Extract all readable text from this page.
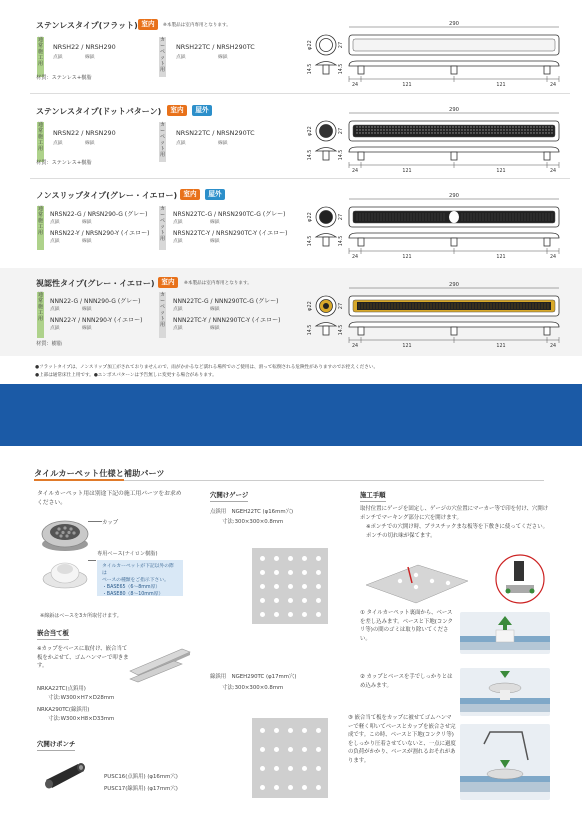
ステンレスタイプ(フラット) 室内	※本製品は室内専用となります。
通常施工用
NRSH22 / NRSH290
点鋲	線鋲
カーペット用
NRSH22TC / NRSH290TC
点鋲	線鋲
材質：ステンレス+樹脂
φ22	27
290
14.5	14.5
24	121	121	24
ステンレスタイプ(ドットパターン)	室内	屋外
通常施工用
NRSN22 / NRSN290
点鋲	線鋲
カーペット用
NRSN22TC / NRSN290TC
点鋲	線鋲
材質：ステンレス+樹脂
φ22	27
290
14.5	14.5
24	121	121	24
ノンスリップタイプ(グレー・イエロー) 室内	屋外
通常施工用
NRSN22-G / NRSN290-G (グレー)
点鋲	線鋲
NRSN22-Y / NRSN290-Y (イエロー)
点鋲	線鋲
カーペット用
NRSN22TC-G / NRSN290TC-G (グレー)
点鋲	線鋲
NRSN22TC-Y / NRSN290TC-Y (イエロー)
点鋲	線鋲
φ22	27
290
14.5	14.5
24	121	121	24
視認性タイプ(グレー・イエロー)	室内	※本製品は室内専用となります。
通常施工用
NNN22-G / NNN290-G (グレー)
点鋲	線鋲
NNN22-Y / NNN290-Y (イエロー)
点鋲	線鋲
カーペット用
NNN22TC-G / NNN290TC-G (グレー)
点鋲	線鋲
NNN22TC-Y / NNN290TC-Y (イエロー)
点鋲	線鋲
材質：樹脂
φ22	27
290
14.5	14.5
24	121	121	24
●フラットタイプは、ノンスリップ加工がされておりませんので、雨がかかるなど濡れる場所でのご使用は、滑って転倒される危険性がありますのでお控えください。
●上部は通常床仕上用です。●エンボスパターンは予告無しに変更する場合があります。
タイルカーペット仕様と補助パーツ
タイルカーペット用は別途下記の施工用パーツをお求めください。
カップ
専用ベース(ナイロン樹脂)
タイルカーペットが下記以外の際は
ベースの種類をご指示下さい。
・BASE65（6～8mm厚）
・BASE80（8～10mm厚）
※線鋲はベースを3カ所取付けます。
嵌合当て板
※カップをベースに取付け、嵌合当て板をかぶせて、ゴムハンマーで叩きます。
NRKA22TC(点鋲用)
寸法:W300×H7×D28mm
NRKA290TC(線鋲用)
寸法:W300×H8×D33mm
穴開けポンチ
PUSC16(点鋲用) (φ16mm穴)
PUSC17(線鋲用) (φ17mm穴)
穴開けゲージ
点鋲用　NGEH22TC (φ16mm穴)
寸法:300×300×0.8mm
線鋲用　NGEH290TC (φ17mm穴)
寸法:300×300×0.8mm
施工手順
取付位置にゲージを固定し、ゲージの穴位置にマーカー等で印を付け、穴開けポンチでマーキング部分に穴を開けます。
※ポンチでの穴開け時、プラスチックまな板等を下敷きに使ってください。ポンチの切れ味が保てます。
① タイルカーペット裏面から、ベースを差し込みます。ベースと下地(コンクリ等)の間のゴミは取り除いてください。
② カップとベースを手でしっかりとはめ込みます。
③ 嵌合当て板をカップに被せてゴムハンマーで軽く叩いてベースとカップを嵌合させ完成です。この時、ベースと下地(コンクリ等)をしっかり圧着させていないと、一点に過度の負荷がかかり、ベースが割れるおそれがあります。
